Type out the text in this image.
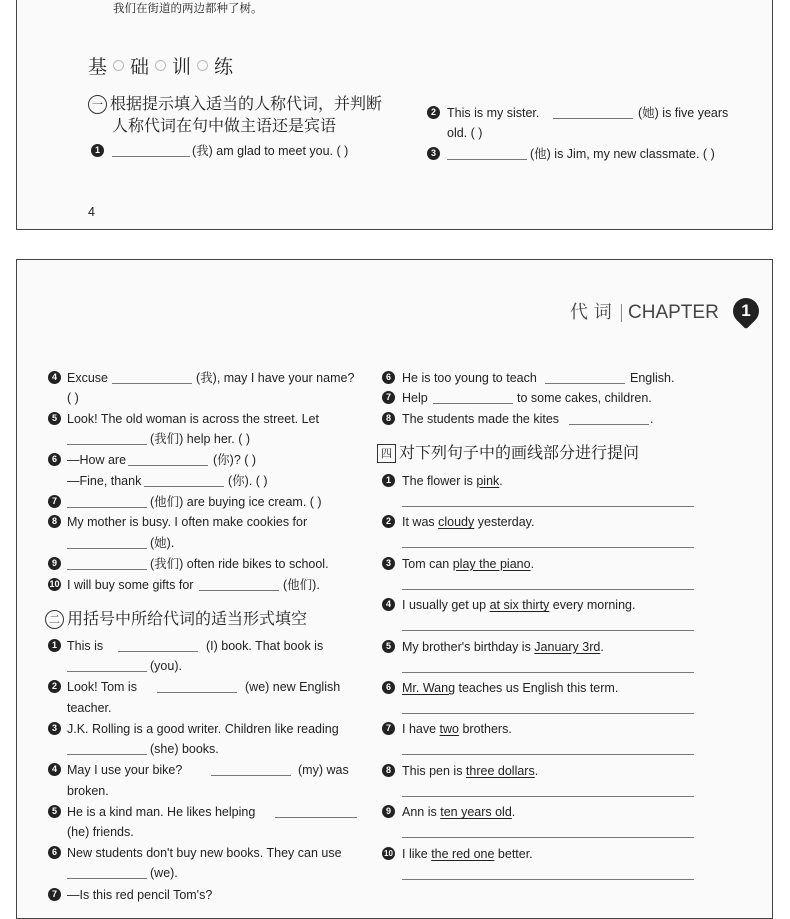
我们在街道的两边都种了树。
基 础 训 练
一 根据提示填入适当的人称代词，并判断
人称代词在句中做主语还是宾语
1	(我) am glad to meet you. ( )
2 This is my sister.	(她) is five years
old. ( )
3	(他) is Jim, my new classmate. ( )
4
代 词 CHAPTER	1
4 Excuse	(我), may I have your name?
( )
5 Look! The old woman is across the street. Let
(我们) help her. ( )
6 —How are	(你)? ( )
—Fine, thank	(你). ( )
7	(他们) are buying ice cream. ( )
8 My mother is busy. I often make cookies for
(她).
9	(我们) often ride bikes to school.
10 I will buy some gifts for	(他们).
二 用括号中所给代词的适当形式填空
1 This is	(I) book. That book is
(you).
2 Look! Tom is	(we) new English
teacher.
3 J.K. Rolling is a good writer. Children like reading
(she) books.
4 May I use your bike?	(my) was
broken.
5 He is a kind man. He likes helping
(he) friends.
6 New students don't buy new books. They can use
(we).
7 —Is this red pencil Tom's?
6 He is too young to teach	English.
7 Help	to some cakes, children.
8 The students made the kites	.
四 对下列句子中的画线部分进行提问
1 The flower is pink.
2 It was cloudy yesterday.
3 Tom can play the piano.
4 I usually get up at six thirty every morning.
5 My brother's birthday is January 3rd.
6 Mr. Wang teaches us English this term.
7 I have two brothers.
8 This pen is three dollars.
9 Ann is ten years old.
10 I like the red one better.
